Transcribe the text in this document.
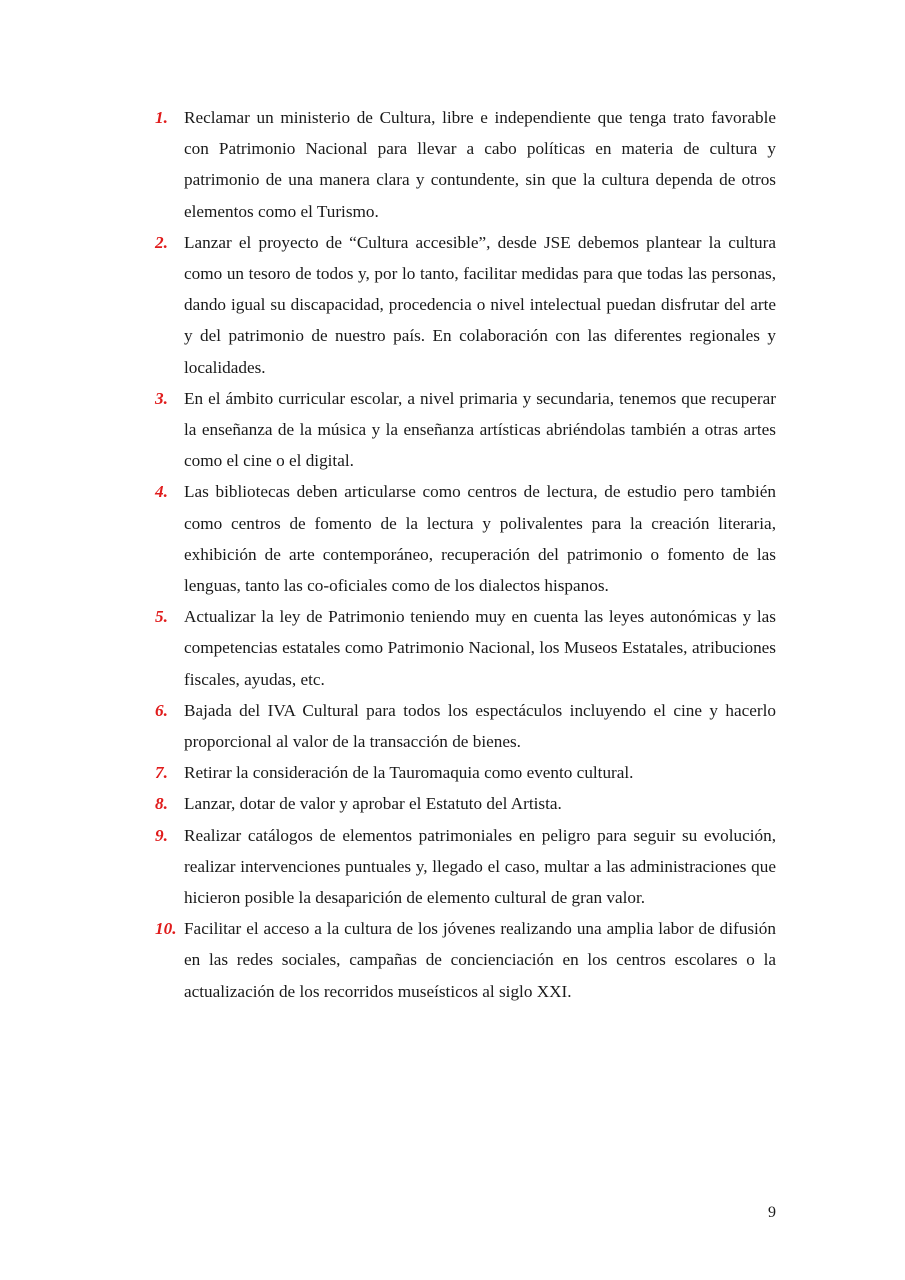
1. Reclamar un ministerio de Cultura, libre e independiente que tenga trato favorable con Patrimonio Nacional para llevar a cabo políticas en materia de cultura y patrimonio de una manera clara y contundente, sin que la cultura dependa de otros elementos como el Turismo.
2. Lanzar el proyecto de “Cultura accesible”, desde JSE debemos plantear la cultura como un tesoro de todos y, por lo tanto, facilitar medidas para que todas las personas, dando igual su discapacidad, procedencia o nivel intelectual puedan disfrutar del arte y del patrimonio de nuestro país. En colaboración con las diferentes regionales y localidades.
3. En el ámbito curricular escolar, a nivel primaria y secundaria, tenemos que recuperar la enseñanza de la música y la enseñanza artísticas abriéndolas también a otras artes como el cine o el digital.
4. Las bibliotecas deben articularse como centros de lectura, de estudio pero también como centros de fomento de la lectura y polivalentes para la creación literaria, exhibición de arte contemporáneo, recuperación del patrimonio o fomento de las lenguas, tanto las co-oficiales como de los dialectos hispanos.
5. Actualizar la ley de Patrimonio teniendo muy en cuenta las leyes autonómicas y las competencias estatales como Patrimonio Nacional, los Museos Estatales, atribuciones fiscales, ayudas, etc.
6. Bajada del IVA Cultural para todos los espectáculos incluyendo el cine y hacerlo proporcional al valor de la transacción de bienes.
7. Retirar la consideración de la Tauromaquia como evento cultural.
8. Lanzar, dotar de valor y aprobar el Estatuto del Artista.
9. Realizar catálogos de elementos patrimoniales en peligro para seguir su evolución, realizar intervenciones puntuales y, llegado el caso, multar a las administraciones que hicieron posible la desaparición de elemento cultural de gran valor.
10. Facilitar el acceso a la cultura de los jóvenes realizando una amplia labor de difusión en las redes sociales, campañas de concienciación en los centros escolares o la actualización de los recorridos museísticos al siglo XXI.
9
